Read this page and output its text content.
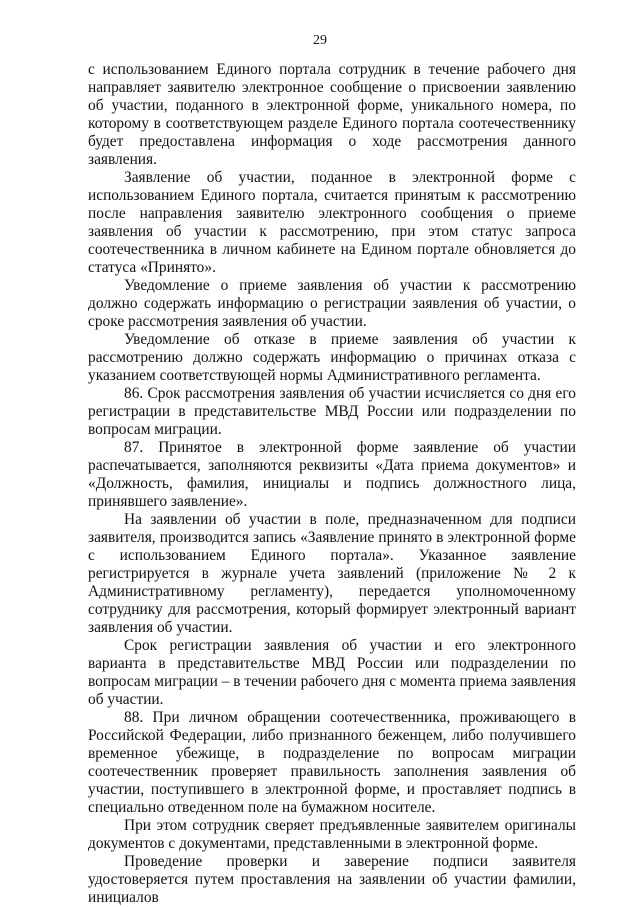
29

с использованием Единого портала сотрудник в течение рабочего дня направляет заявителю электронное сообщение о присвоении заявлению об участии, поданного в электронной форме, уникального номера, по которому в соответствующем разделе Единого портала соотечественнику будет предоставлена информация о ходе рассмотрения данного заявления.

Заявление об участии, поданное в электронной форме с использованием Единого портала, считается принятым к рассмотрению после направления заявителю электронного сообщения о приеме заявления об участии к рассмотрению, при этом статус запроса соотечественника в личном кабинете на Едином портале обновляется до статуса «Принято».

Уведомление о приеме заявления об участии к рассмотрению должно содержать информацию о регистрации заявления об участии, о сроке рассмотрения заявления об участии.

Уведомление об отказе в приеме заявления об участии к рассмотрению должно содержать информацию о причинах отказа с указанием соответствующей нормы Административного регламента.

86. Срок рассмотрения заявления об участии исчисляется со дня его регистрации в представительстве МВД России или подразделении по вопросам миграции.

87. Принятое в электронной форме заявление об участии распечатывается, заполняются реквизиты «Дата приема документов» и «Должность, фамилия, инициалы и подпись должностного лица, принявшего заявление».

На заявлении об участии в поле, предназначенном для подписи заявителя, производится запись «Заявление принято в электронной форме с использованием Единого портала». Указанное заявление регистрируется в журнале учета заявлений (приложение № 2 к Административному регламенту), передается уполномоченному сотруднику для рассмотрения, который формирует электронный вариант заявления об участии.

Срок регистрации заявления об участии и его электронного варианта в представительстве МВД России или подразделении по вопросам миграции – в течении рабочего дня с момента приема заявления об участии.

88. При личном обращении соотечественника, проживающего в Российской Федерации, либо признанного беженцем, либо получившего временное убежище, в подразделение по вопросам миграции соотечественник проверяет правильность заполнения заявления об участии, поступившего в электронной форме, и проставляет подпись в специально отведенном поле на бумажном носителе.

При этом сотрудник сверяет предъявленные заявителем оригиналы документов с документами, представленными в электронной форме.

Проведение проверки и заверение подписи заявителя удостоверяется путем проставления на заявлении об участии фамилии, инициалов
